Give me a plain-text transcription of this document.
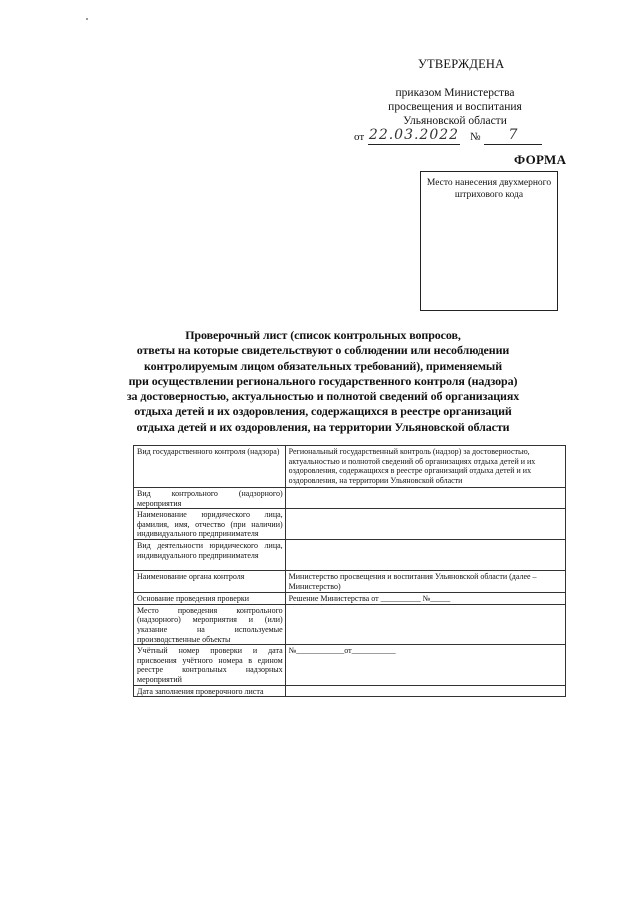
УТВЕРЖДЕНА
приказом Министерства
просвещения и воспитания
Ульяновской области
от 22.03.2022 №	7
ФОРМА
Место нанесения двухмерного штрихового кода
Проверочный лист (список контрольных вопросов,
ответы на которые свидетельствуют о соблюдении или несоблюдении
контролируемым лицом обязательных требований), применяемый
при осуществлении регионального государственного контроля (надзора)
за достоверностью, актуальностью и полнотой сведений об организациях
отдыха детей и их оздоровления, содержащихся в реестре организаций
отдыха детей и их оздоровления, на территории Ульяновской области
Вид государственного контроля (надзора)	Региональный государственный контроль (надзор) за достоверностью, актуальностью и полнотой сведений об организациях отдыха детей и их оздоровления, содержащихся в реестре организаций отдыха детей и их оздоровления, на территории Ульяновской области
Вид контрольного (надзорного) мероприятия	
Наименование юридического лица, фамилия, имя, отчество (при наличии) индивидуального предпринимателя	
Вид деятельности юридического лица, индивидуального предпринимателя	
Наименование органа контроля	Министерство просвещения и воспитания Ульяновской области (далее – Министерство)
Основание проведения проверки	Решение Министерства от __________ №_____
Место проведения контрольного (надзорного) мероприятия и (или) указание на используемые производственные объекты	
Учётный номер проверки и дата присвоения учётного номера в едином реестре контрольных надзорных мероприятий	№____________от___________
Дата заполнения проверочного листа	
